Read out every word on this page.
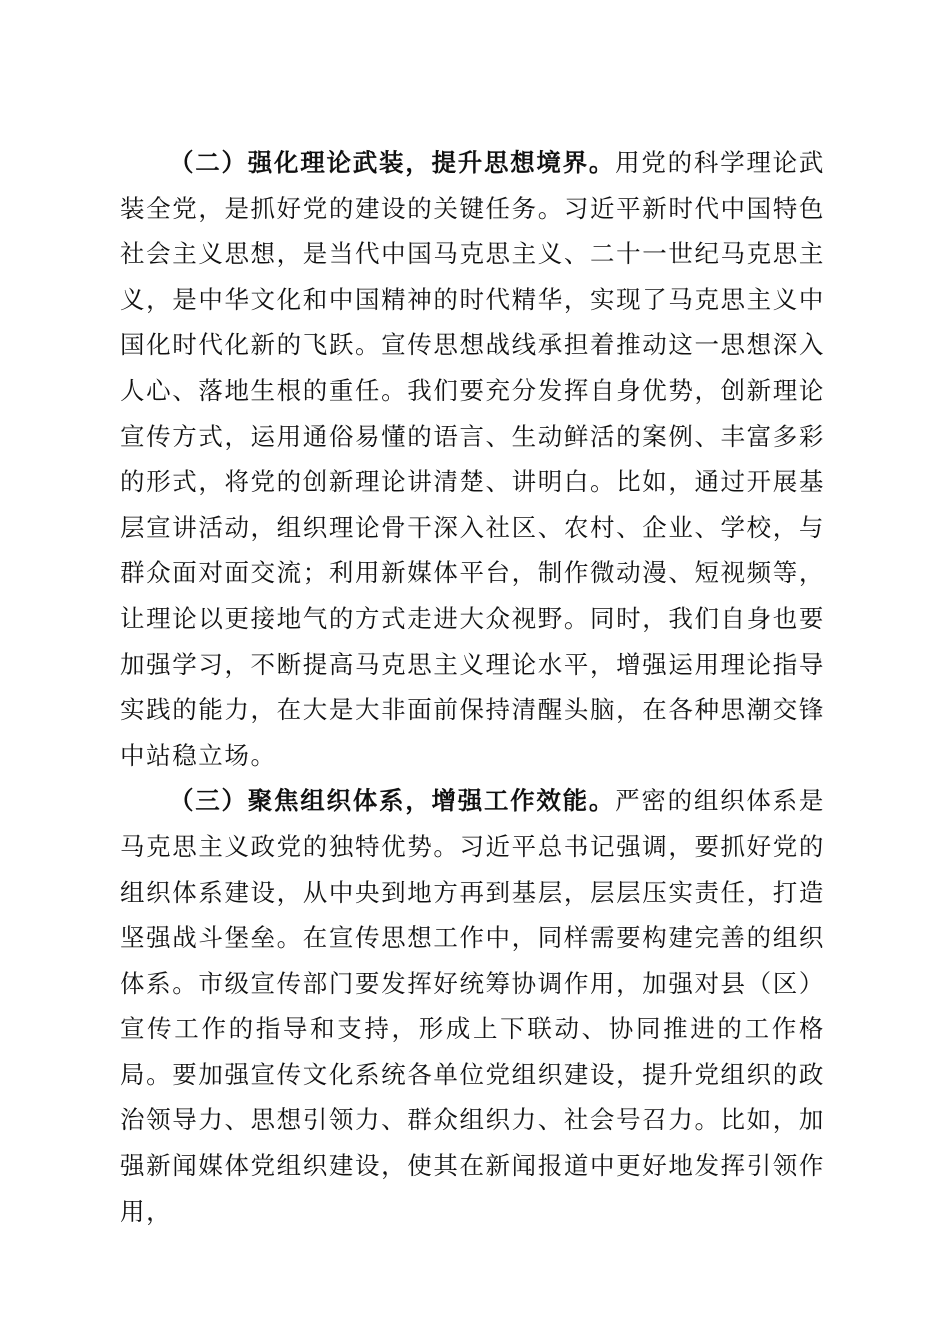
（二）强化理论武装，提升思想境界。用党的科学理论武装全党，是抓好党的建设的关键任务。习近平新时代中国特色社会主义思想，是当代中国马克思主义、二十一世纪马克思主义，是中华文化和中国精神的时代精华，实现了马克思主义中国化时代化新的飞跃。宣传思想战线承担着推动这一思想深入人心、落地生根的重任。我们要充分发挥自身优势，创新理论宣传方式，运用通俗易懂的语言、生动鲜活的案例、丰富多彩的形式，将党的创新理论讲清楚、讲明白。比如，通过开展基层宣讲活动，组织理论骨干深入社区、农村、企业、学校，与群众面对面交流；利用新媒体平台，制作微动漫、短视频等，让理论以更接地气的方式走进大众视野。同时，我们自身也要加强学习，不断提高马克思主义理论水平，增强运用理论指导实践的能力，在大是大非面前保持清醒头脑，在各种思潮交锋中站稳立场。

（三）聚焦组织体系，增强工作效能。严密的组织体系是马克思主义政党的独特优势。习近平总书记强调，要抓好党的组织体系建设，从中央到地方再到基层，层层压实责任，打造坚强战斗堡垒。在宣传思想工作中，同样需要构建完善的组织体系。市级宣传部门要发挥好统筹协调作用，加强对县（区）宣传工作的指导和支持，形成上下联动、协同推进的工作格局。要加强宣传文化系统各单位党组织建设，提升党组织的政治领导力、思想引领力、群众组织力、社会号召力。比如，加强新闻媒体党组织建设，使其在新闻报道中更好地发挥引领作用，
